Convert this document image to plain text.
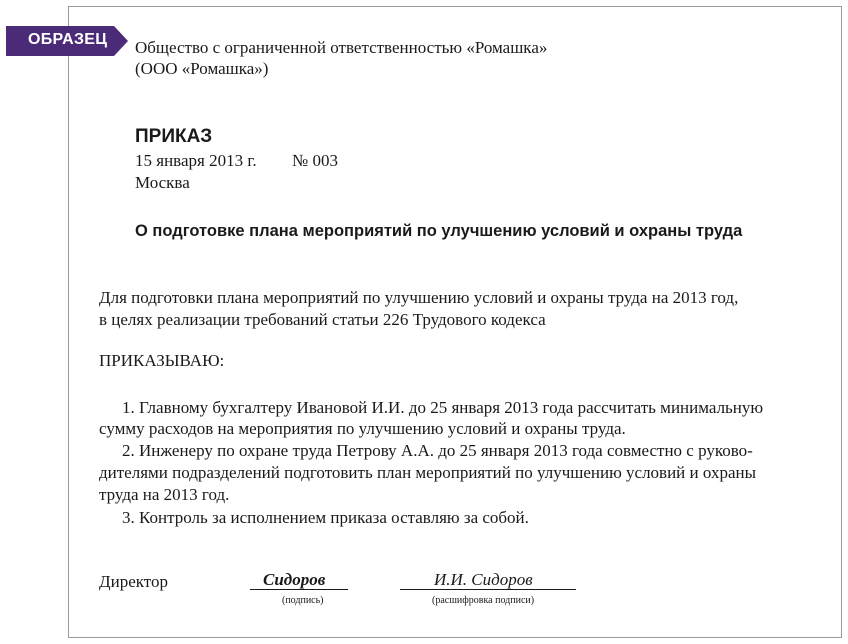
ОБРАЗЕЦ Общество с ограниченной ответственностью «Ромашка»
(ООО «Ромашка»)
ПРИКАЗ
15 января 2013 г. № 003
Москва
О подготовке плана мероприятий по улучшению условий и охраны труда
Для подготовки плана мероприятий по улучшению условий и охраны труда на 2013 год,
в целях реализации требований статьи 226 Трудового кодекса
ПРИКАЗЫВАЮ:
1. Главному бухгалтеру Ивановой И.И. до 25 января 2013 года рассчитать минимальную
сумму расходов на мероприятия по улучшению условий и охраны труда.
2. Инженеру по охране труда Петрову А.А. до 25 января 2013 года совместно с руково-
дителями подразделений подготовить план мероприятий по улучшению условий и охраны
труда на 2013 год.
3. Контроль за исполнением приказа оставляю за собой.
Директор	Сидоров
(подпись)
И.И. Сидоров
(расшифровка подписи)
